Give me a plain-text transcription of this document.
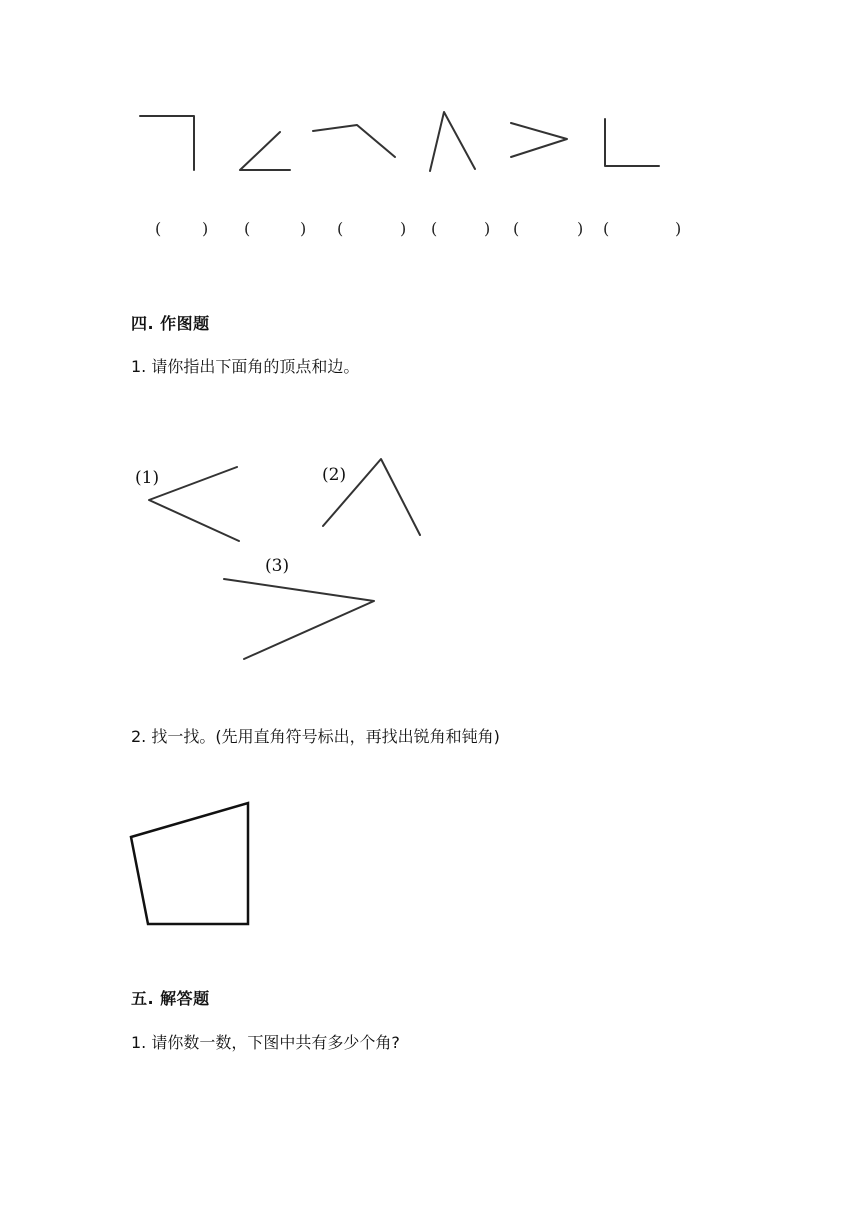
(	) (	) (	) (	) (	) (	)
四. 作图题
1. 请你指出下面角的顶点和边。
(1)	(2)
(3)
2. 找一找。(先用直角符号标出，再找出锐角和钝角)
五. 解答题
1. 请你数一数，下图中共有多少个角?
